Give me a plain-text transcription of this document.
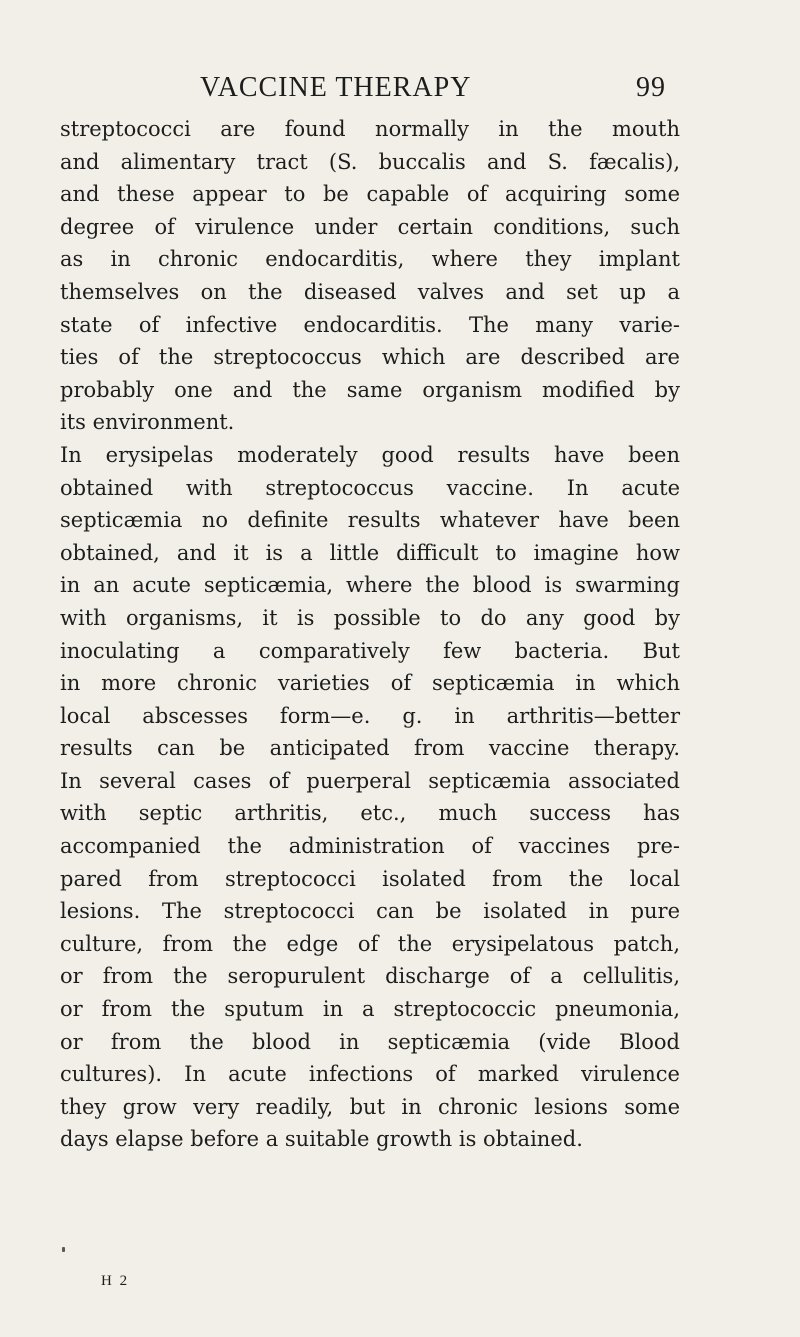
VACCINE THERAPY	99
streptococci are found normally in the mouth
and alimentary tract (S. buccalis and S. fæcalis),
and these appear to be capable of acquiring some
degree of virulence under certain conditions, such
as in chronic endocarditis, where they implant
themselves on the diseased valves and set up a
state of infective endocarditis. The many varie-
ties of the streptococcus which are described are
probably one and the same organism modified by
its environment.
In erysipelas moderately good results have been
obtained with streptococcus vaccine. In acute
septicæmia no definite results whatever have been
obtained, and it is a little difficult to imagine how
in an acute septicæmia, where the blood is swarming
with organisms, it is possible to do any good by
inoculating a comparatively few bacteria. But
in more chronic varieties of septicæmia in which
local abscesses form—e. g. in arthritis—better
results can be anticipated from vaccine therapy.
In several cases of puerperal septicæmia associated
with septic arthritis, etc., much success has
accompanied the administration of vaccines pre-
pared from streptococci isolated from the local
lesions. The streptococci can be isolated in pure
culture, from the edge of the erysipelatous patch,
or from the seropurulent discharge of a cellulitis,
or from the sputum in a streptococcic pneumonia,
or from the blood in septicæmia (vide Blood
cultures). In acute infections of marked virulence
they grow very readily, but in chronic lesions some
days elapse before a suitable growth is obtained.
H 2
